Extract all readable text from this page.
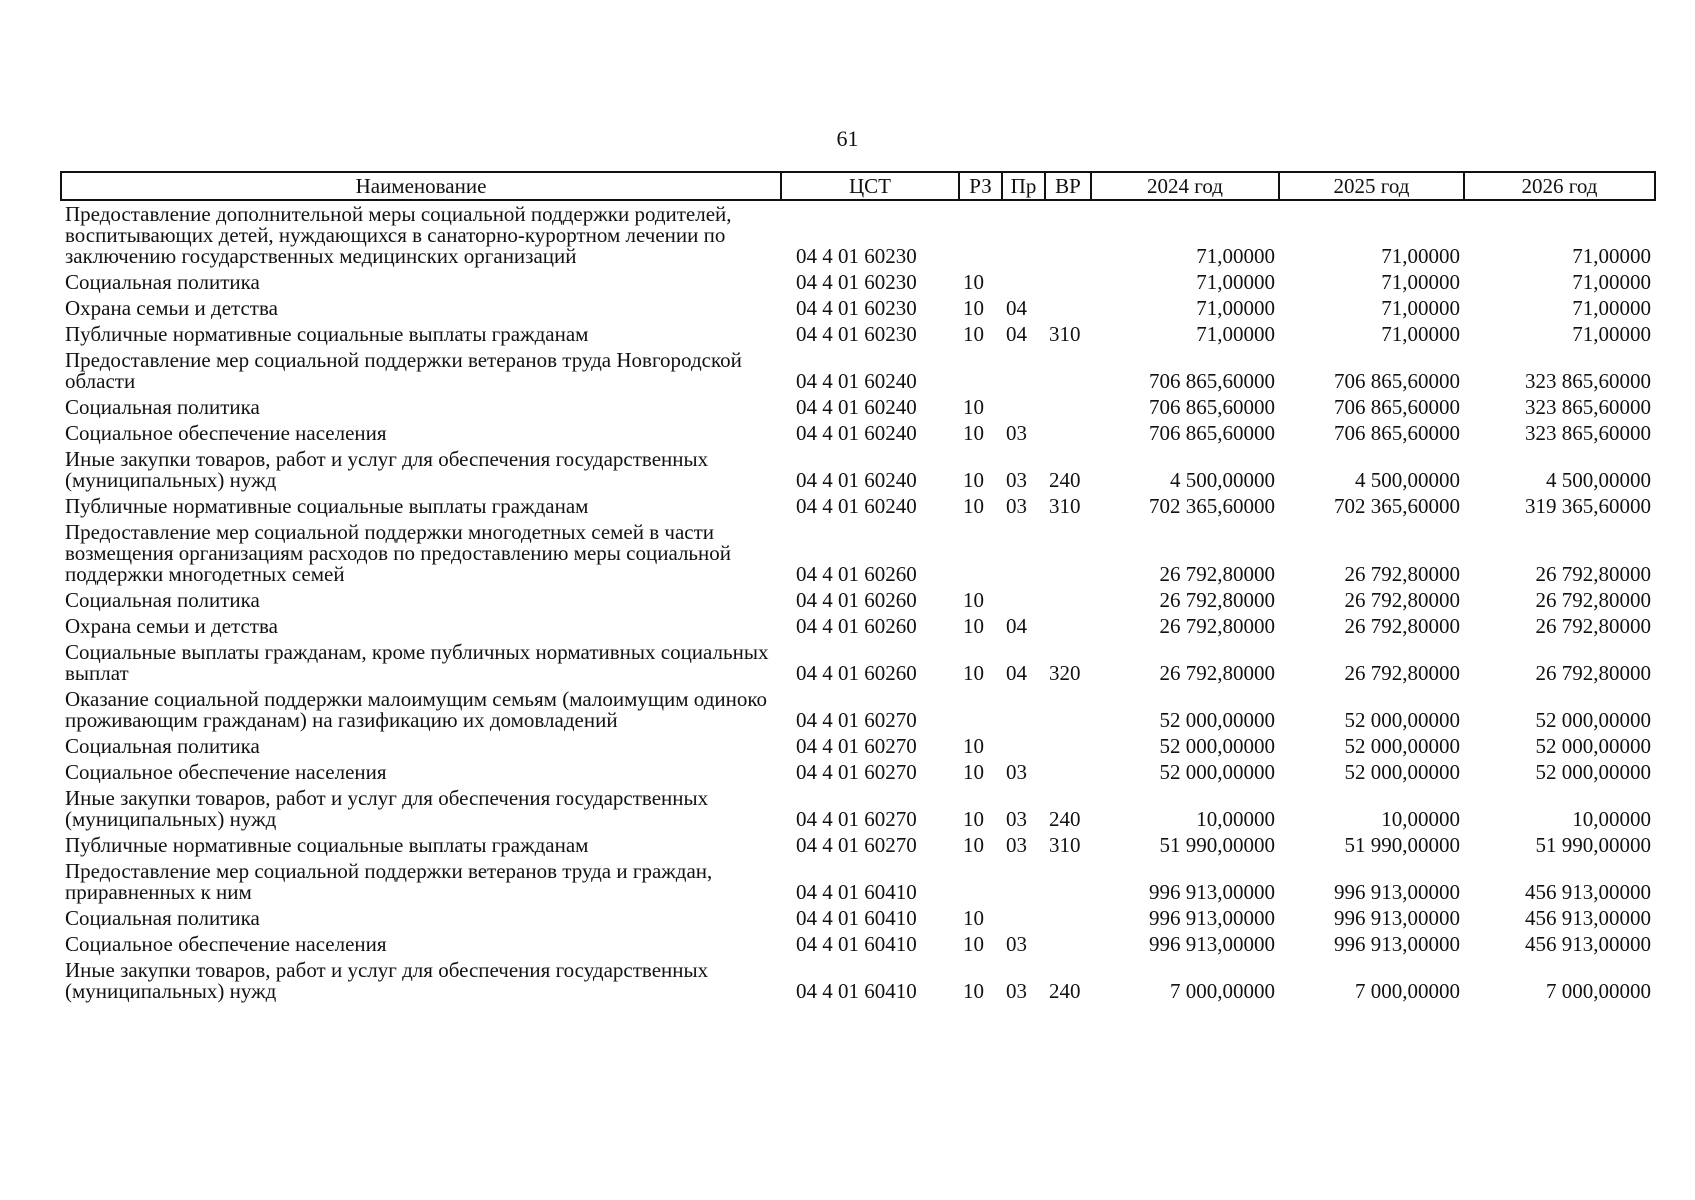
61
Наименование	ЦСТ	РЗ	Пр	ВР	2024 год	2025 год	2026 год
Предоставление дополнительной меры социальной поддержки родителей, воспитывающих детей, нуждающихся в санаторно-курортном лечении по заключению государственных медицинских организаций	04 4 01 60230				71,00000	71,00000	71,00000
Социальная политика	04 4 01 60230	10			71,00000	71,00000	71,00000
Охрана семьи и детства	04 4 01 60230	10	04		71,00000	71,00000	71,00000
Публичные нормативные социальные выплаты гражданам	04 4 01 60230	10	04	310	71,00000	71,00000	71,00000
Предоставление мер социальной поддержки ветеранов труда Новгородской области	04 4 01 60240				706 865,60000	706 865,60000	323 865,60000
Социальная политика	04 4 01 60240	10			706 865,60000	706 865,60000	323 865,60000
Социальное обеспечение населения	04 4 01 60240	10	03		706 865,60000	706 865,60000	323 865,60000
Иные закупки товаров, работ и услуг для обеспечения государственных (муниципальных) нужд	04 4 01 60240	10	03	240	4 500,00000	4 500,00000	4 500,00000
Публичные нормативные социальные выплаты гражданам	04 4 01 60240	10	03	310	702 365,60000	702 365,60000	319 365,60000
Предоставление мер социальной поддержки многодетных семей в части возмещения организациям расходов по предоставлению меры социальной поддержки многодетных семей	04 4 01 60260				26 792,80000	26 792,80000	26 792,80000
Социальная политика	04 4 01 60260	10			26 792,80000	26 792,80000	26 792,80000
Охрана семьи и детства	04 4 01 60260	10	04		26 792,80000	26 792,80000	26 792,80000
Социальные выплаты гражданам, кроме публичных нормативных социальных выплат	04 4 01 60260	10	04	320	26 792,80000	26 792,80000	26 792,80000
Оказание социальной поддержки малоимущим семьям (малоимущим одиноко проживающим гражданам) на газификацию их домовладений	04 4 01 60270				52 000,00000	52 000,00000	52 000,00000
Социальная политика	04 4 01 60270	10			52 000,00000	52 000,00000	52 000,00000
Социальное обеспечение населения	04 4 01 60270	10	03		52 000,00000	52 000,00000	52 000,00000
Иные закупки товаров, работ и услуг для обеспечения государственных (муниципальных) нужд	04 4 01 60270	10	03	240	10,00000	10,00000	10,00000
Публичные нормативные социальные выплаты гражданам	04 4 01 60270	10	03	310	51 990,00000	51 990,00000	51 990,00000
Предоставление мер социальной поддержки ветеранов труда и граждан, приравненных к ним	04 4 01 60410				996 913,00000	996 913,00000	456 913,00000
Социальная политика	04 4 01 60410	10			996 913,00000	996 913,00000	456 913,00000
Социальное обеспечение населения	04 4 01 60410	10	03		996 913,00000	996 913,00000	456 913,00000
Иные закупки товаров, работ и услуг для обеспечения государственных (муниципальных) нужд	04 4 01 60410	10	03	240	7 000,00000	7 000,00000	7 000,00000
